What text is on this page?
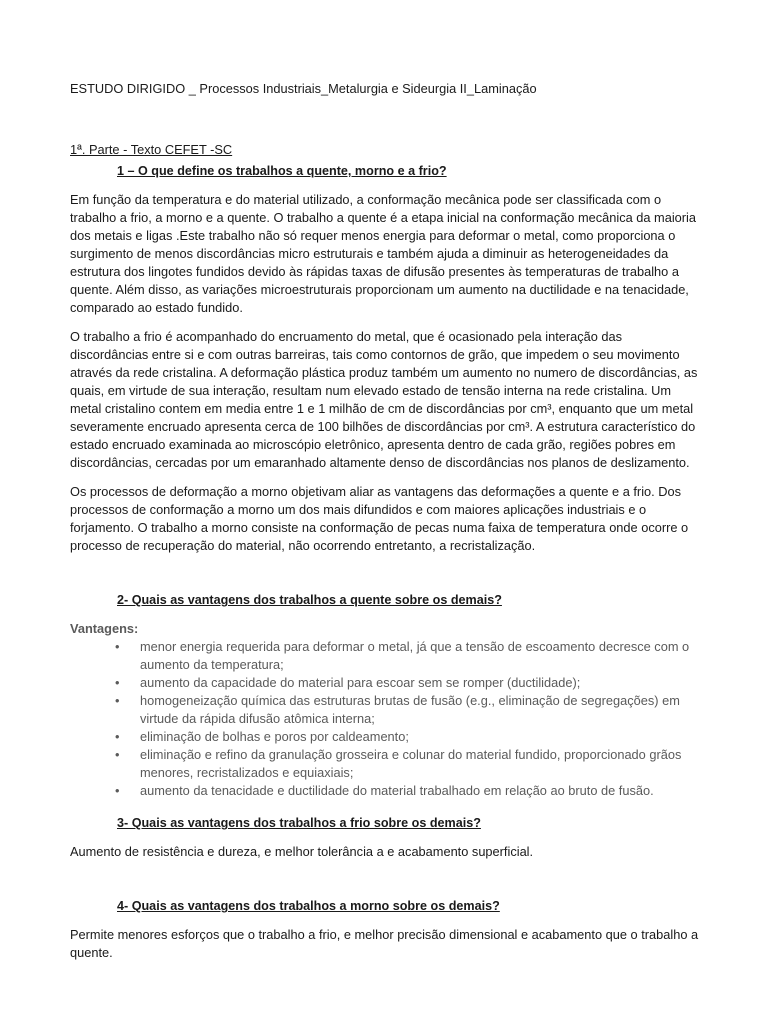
ESTUDO DIRIGIDO _ Processos Industriais_Metalurgia e Sideurgia II_Laminação

1ª. Parte - Texto CEFET -SC

1 – O que define os trabalhos a quente, morno e a frio?

Em função da temperatura e do material utilizado, a conformação mecânica pode ser classificada com o trabalho a frio, a morno e a quente. O trabalho a quente é a etapa inicial na conformação mecânica da maioria dos metais e ligas .Este trabalho não só requer menos energia para deformar o metal, como proporciona o surgimento de menos discordâncias micro estruturais e também ajuda a diminuir as heterogeneidades da estrutura dos lingotes fundidos devido às rápidas taxas de difusão presentes às temperaturas de trabalho a quente. Além disso, as variações microestruturais proporcionam um aumento na ductilidade e na tenacidade, comparado ao estado fundido.

O trabalho a frio é acompanhado do encruamento do metal, que é ocasionado pela interação das discordâncias entre si e com outras barreiras, tais como contornos de grão, que impedem o seu movimento através da rede cristalina. A deformação plástica produz também um aumento no numero de discordâncias, as quais, em virtude de sua interação, resultam num elevado estado de tensão interna na rede cristalina. Um metal cristalino contem em media entre 1 e 1 milhão de cm de discordâncias por cm³, enquanto que um metal severamente encruado apresenta cerca de 100 bilhões de discordâncias por cm³. A estrutura característico do estado encruado examinada ao microscópio eletrônico, apresenta dentro de cada grão, regiões pobres em discordâncias, cercadas por um emaranhado altamente denso de discordâncias nos planos de deslizamento.

Os processos de deformação a morno objetivam aliar as vantagens das deformações a quente e a frio. Dos processos de conformação a morno um dos mais difundidos e com maiores aplicações industriais e o forjamento. O trabalho a morno consiste na conformação de pecas numa faixa de temperatura onde ocorre o processo de recuperação do material, não ocorrendo entretanto, a recristalização.

2- Quais as vantagens dos trabalhos a quente sobre os demais?

Vantagens:

• menor energia requerida para deformar o metal, já que a tensão de escoamento decresce com o aumento da temperatura;
• aumento da capacidade do material para escoar sem se romper (ductilidade);
• homogeneização química das estruturas brutas de fusão (e.g., eliminação de segregações) em virtude da rápida difusão atômica interna;
• eliminação de bolhas e poros por caldeamento;
• eliminação e refino da granulação grosseira e colunar do material fundido, proporcionado grãos menores, recristalizados e equiaxiais;
• aumento da tenacidade e ductilidade do material trabalhado em relação ao bruto de fusão.

3- Quais as vantagens dos trabalhos a frio sobre os demais?

Aumento de resistência e dureza, e melhor tolerância a e acabamento superficial.

4- Quais as vantagens dos trabalhos a morno sobre os demais?

Permite menores esforços que o trabalho a frio, e melhor precisão dimensional e acabamento que o trabalho a quente.
